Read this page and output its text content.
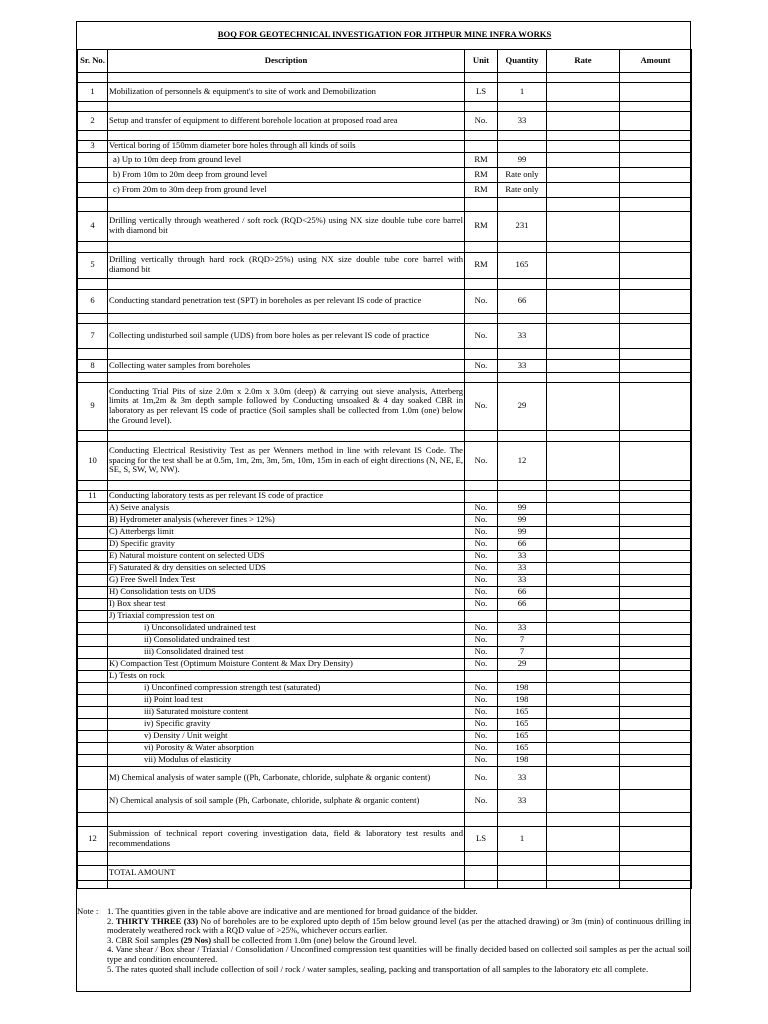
BOQ FOR GEOTECHNICAL INVESTIGATION FOR JITHPUR MINE INFRA WORKS					
Sr. No.	Description	Unit	Quantity	Rate	Amount

1	Mobilization of personnels & equipment's to site of work and Demobilization	LS	1		

2	Setup and transfer of equipment to different borehole location at proposed road area	No.	33		

3	Vertical boring of 150mm diameter bore holes through all kinds of soils				
	a) Up to 10m deep from ground level	RM	99		
	b) From 10m to 20m deep from ground level	RM	Rate only		
	c) From 20m to 30m deep from ground level	RM	Rate only		

4	Drilling vertically through weathered / soft rock (RQD<25%) using NX size double tube core barrel with diamond bit	RM	231		

5	Drilling vertically through hard rock (RQD>25%) using NX size double tube core barrel with diamond bit	RM	165		

6	Conducting standard penetration test (SPT) in boreholes as per relevant IS code of practice	No.	66		

7	Collecting undisturbed soil sample (UDS) from bore holes as per relevant IS code of practice	No.	33		

8	Collecting water samples from boreholes	No.	33		

9	Conducting Trial Pits of size 2.0m x 2.0m x 3.0m (deep) & carrying out sieve analysis, Atterberg limits at 1m,2m & 3m depth sample followed by Conducting unsoaked & 4 day soaked CBR in laboratory as per relevant IS code of practice (Soil samples shall be collected from 1.0m (one) below the Ground level).	No.	29		

10	Conducting Electrical Resistivity Test as per Wenners method in line with relevant IS Code. The spacing for the test shall be at 0.5m, 1m, 2m, 3m, 5m, 10m, 15m in each of eight directions (N, NE, E, SE, S, SW, W, NW).	No.	12		

11	Conducting laboratory tests as per relevant IS code of practice				
	A) Seive analysis	No.	99		
	B) Hydrometer analysis (wherever fines > 12%)	No.	99		
	C) Atterbergs limit	No.	99		
	D) Specific gravity	No.	66		
	E) Natural moisture content on selected UDS	No.	33		
	F) Saturated & dry densities on selected UDS	No.	33		
	G) Free Swell Index Test	No.	33		
	H) Consolidation tests on UDS	No.	66		
	I) Box shear test	No.	66		
	J) Triaxial compression test on				
	i) Unconsolidated undrained test	No.	33		
	ii) Consolidated undrained test	No.	7		
	iii) Consolidated drained test	No.	7		
	K) Compaction Test (Optimum Moisture Content & Max Dry Density)	No.	29		
	L) Tests on rock				
	i) Unconfined compression strength test (saturated)	No.	198		
	ii) Point load test	No.	198		
	iii) Saturated moisture content	No.	165		
	iv) Specific gravity	No.	165		
	v) Density / Unit weight	No.	165		
	vi) Porosity & Water absorption	No.	165		
	vii) Modulus of elasticity	No.	198		
	M) Chemical analysis of water sample ((Ph, Carbonate, chloride, sulphate & organic content)	No.	33		
	N) Chemical analysis of soil sample (Ph, Carbonate, chloride, sulphate & organic content)	No.	33		

12	Submission of technical report covering investigation data, field & laboratory test results and recommendations	LS	1		

	TOTAL AMOUNT				

Note : 1. The quantities given in the table above are indicative and are mentioned for broad guidance of the bidder.

2. THIRTY THREE (33) No of boreholes are to be explored upto depth of 15m below ground level (as per the attached drawing) or 3m (min) of continuous drilling in moderately weathered rock with a RQD value of >25%, whichever occurs earlier.

3. CBR Soil samples (29 Nos) shall be collected from 1.0m (one) below the Ground level.

4. Vane shear / Box shear / Triaxial / Consolidation / Unconfined compression test quantities will be finally decided based on collected soil samples as per the actual soil type and condition encountered.

5. The rates quoted shall include collection of soil / rock / water samples, sealing, packing and transportation of all samples to the laboratory etc all complete.
